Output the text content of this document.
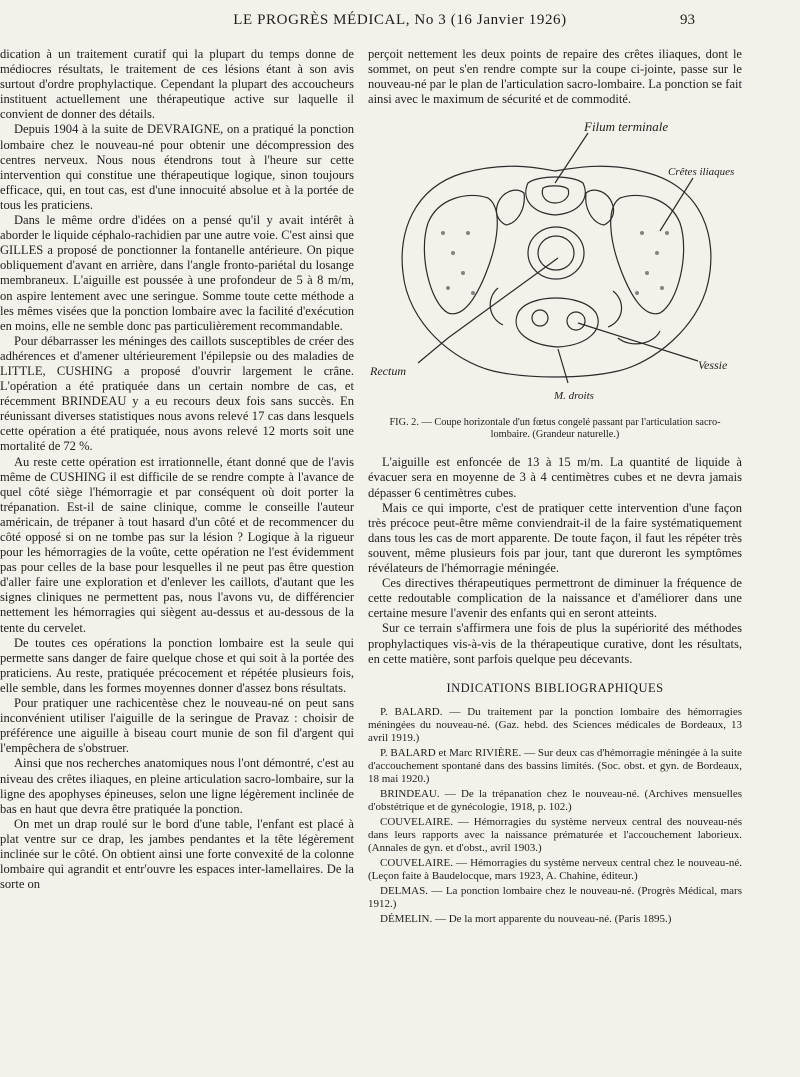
LE PROGRÈS MÉDICAL, No 3 (16 Janvier 1926)	93

dication à un traitement curatif qui la plupart du temps donne de médiocres résultats, le traitement de ces lésions étant à son avis surtout d'ordre prophylactique. Cependant la plupart des accoucheurs instituent actuellement une thérapeutique active sur laquelle il convient de donner des détails.

Depuis 1904 à la suite de DEVRAIGNE, on a pratiqué la ponction lombaire chez le nouveau-né pour obtenir une décompression des centres nerveux. Nous nous étendrons tout à l'heure sur cette intervention qui constitue une thérapeutique logique, sinon toujours efficace, qui, en tout cas, est d'une innocuité absolue et à la portée de tous les praticiens.

Dans le même ordre d'idées on a pensé qu'il y avait intérêt à aborder le liquide céphalo-rachidien par une autre voie. C'est ainsi que GILLES a proposé de ponctionner la fontanelle antérieure. On pique obliquement d'avant en arrière, dans l'angle fronto-pariétal du losange membraneux. L'aiguille est poussée à une profondeur de 5 à 8 m/m, on aspire lentement avec une seringue. Somme toute cette méthode a les mêmes visées que la ponction lombaire avec la facilité d'exécution en moins, elle ne semble donc pas particulièrement recommandable.

Pour débarrasser les méninges des caillots susceptibles de créer des adhérences et d'amener ultérieurement l'épilepsie ou des maladies de LITTLE, CUSHING a proposé d'ouvrir largement le crâne. L'opération a été pratiquée dans un certain nombre de cas, et récemment BRINDEAU y a eu recours deux fois sans succès. En réunissant diverses statistiques nous avons relevé 17 cas dans lesquels cette opération a été pratiquée, nous avons relevé 12 morts soit une mortalité de 72 %.

Au reste cette opération est irrationnelle, étant donné que de l'avis même de CUSHING il est difficile de se rendre compte à l'avance de quel côté siège l'hémorragie et par conséquent où doit porter la trépanation. Est-il de saine clinique, comme le conseille l'auteur américain, de trépaner à tout hasard d'un côté et de recommencer du côté opposé si on ne tombe pas sur la lésion ? Logique à la rigueur pour les hémorragies de la voûte, cette opération ne l'est évidemment pas pour celles de la base pour lesquelles il ne peut pas être question d'aller faire une exploration et d'enlever les caillots, d'autant que les signes cliniques ne permettent pas, nous l'avons vu, de différencier nettement les hémorragies qui siègent au-dessus et au-dessous de la tente du cervelet.

De toutes ces opérations la ponction lombaire est la seule qui permette sans danger de faire quelque chose et qui soit à la portée des praticiens. Au reste, pratiquée précocement et répétée plusieurs fois, elle semble, dans les formes moyennes donner d'assez bons résultats.

Pour pratiquer une rachicentèse chez le nouveau-né on peut sans inconvénient utiliser l'aiguille de la seringue de Pravaz : choisir de préférence une aiguille à biseau court munie de son fil d'argent qui l'empêchera de s'obstruer.

Ainsi que nos recherches anatomiques nous l'ont démontré, c'est au niveau des crêtes iliaques, en pleine articulation sacro-lombaire, sur la ligne des apophyses épineuses, selon une ligne légèrement inclinée de bas en haut que devra être pratiquée la ponction.

On met un drap roulé sur le bord d'une table, l'enfant est placé à plat ventre sur ce drap, les jambes pendantes et la tête légèrement inclinée sur le côté. On obtient ainsi une forte convexité de la colonne lombaire qui agrandit et entr'ouvre les espaces inter-lamellaires. De la sorte on

perçoit nettement les deux points de repaire des crêtes iliaques, dont le sommet, on peut s'en rendre compte sur la coupe ci-jointe, passe sur le nouveau-né par le plan de l'articulation sacro-lombaire. La ponction se fait ainsi avec le maximum de sécurité et de commodité.

Filum terminale
Crêtes iliaques
Rectum	Vessie
M. droits
FIG. 2. — Coupe horizontale d'un fœtus congelé passant par l'articulation sacro-lombaire. (Grandeur naturelle.)

L'aiguille est enfoncée de 13 à 15 m/m. La quantité de liquide à évacuer sera en moyenne de 3 à 4 centimètres cubes et ne devra jamais dépasser 6 centimètres cubes.

Mais ce qui importe, c'est de pratiquer cette intervention d'une façon très précoce peut-être même conviendrait-il de la faire systématiquement dans tous les cas de mort apparente. De toute façon, il faut les répéter très souvent, même plusieurs fois par jour, tant que dureront les symptômes révélateurs de l'hémorragie méningée.

Ces directives thérapeutiques permettront de diminuer la fréquence de cette redoutable complication de la naissance et d'améliorer dans une certaine mesure l'avenir des enfants qui en seront atteints.

Sur ce terrain s'affirmera une fois de plus la supériorité des méthodes prophylactiques vis-à-vis de la thérapeutique curative, dont les résultats, en cette matière, sont parfois quelque peu décevants.

INDICATIONS BIBLIOGRAPHIQUES
P. BALARD. — Du traitement par la ponction lombaire des hémorragies méningées du nouveau-né. (Gaz. hebd. des Sciences médicales de Bordeaux, 13 avril 1919.)
P. BALARD et Marc RIVIÈRE. — Sur deux cas d'hémorragie méningée à la suite d'accouchement spontané dans des bassins limités. (Soc. obst. et gyn. de Bordeaux, 18 mai 1920.)
BRINDEAU. — De la trépanation chez le nouveau-né. (Archives mensuelles d'obstétrique et de gynécologie, 1918, p. 102.)
COUVELAIRE. — Hémorragies du système nerveux central des nouveau-nés dans leurs rapports avec la naissance prématurée et l'accouchement laborieux. (Annales de gyn. et d'obst., avril 1903.)
COUVELAIRE. — Hémorragies du système nerveux central chez le nouveau-né. (Leçon faite à Baudelocque, mars 1923, A. Chahine, éditeur.)
DELMAS. — La ponction lombaire chez le nouveau-né. (Progrès Médical, mars 1912.)
DÉMELIN. — De la mort apparente du nouveau-né. (Paris 1895.)
